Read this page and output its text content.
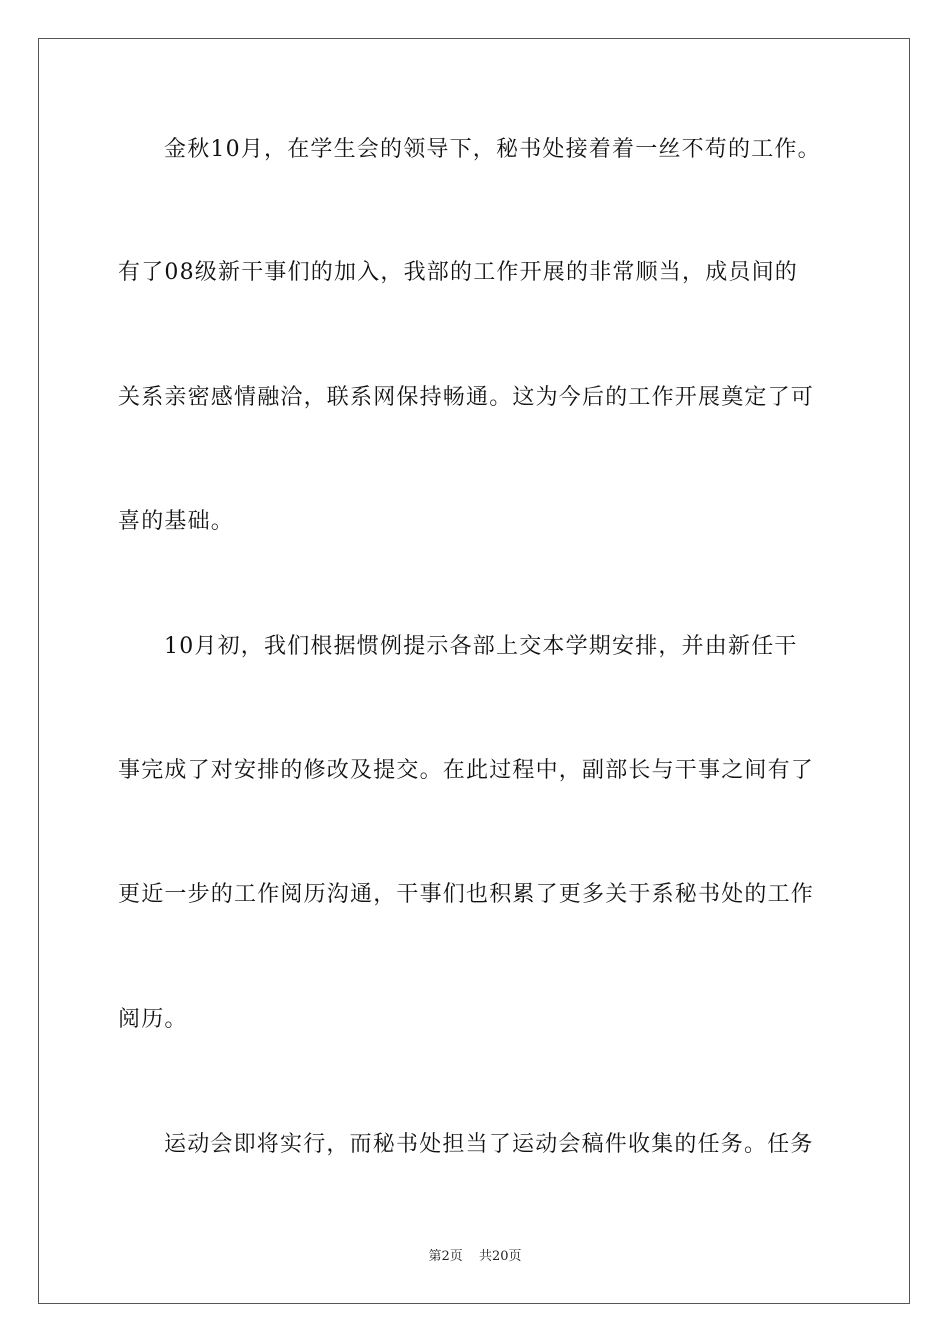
金秋10月，在学生会的领导下，秘书处接着着一丝不苟的工作。
有了08级新干事们的加入，我部的工作开展的非常顺当，成员间的
关系亲密感情融洽，联系网保持畅通。这为今后的工作开展奠定了可
喜的基础。
10月初，我们根据惯例提示各部上交本学期安排，并由新任干
事完成了对安排的修改及提交。在此过程中，副部长与干事之间有了
更近一步的工作阅历沟通，干事们也积累了更多关于系秘书处的工作
阅历。
运动会即将实行，而秘书处担当了运动会稿件收集的任务。任务
第2页 共20页
